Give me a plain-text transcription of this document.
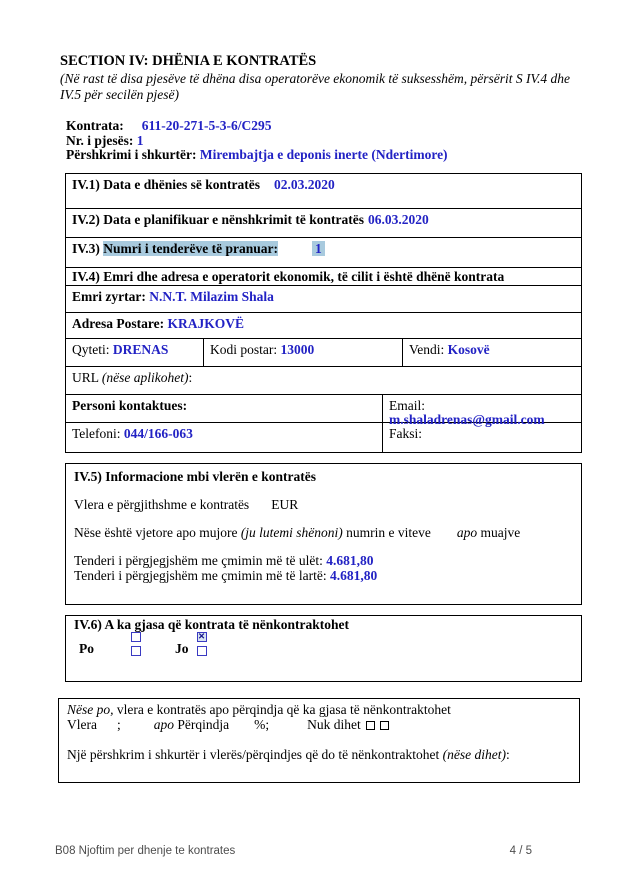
SECTION IV: DHËNIA E KONTRATËS
(Në rast të disa pjesëve të dhëna disa operatorëve ekonomik të suksesshëm, përsërit S IV.4 dhe IV.5 për secilën pjesë)
Kontrata: 611-20-271-5-3-6/C295
Nr. i pjesës: 1
Përshkrimi i shkurtër: Mirembajtja e deponis inerte (Ndertimore)
IV.1) Data e dhënies së kontratës 02.03.2020
IV.2) Data e planifikuar e nënshkrimit të kontratës 06.03.2020
IV.3) Numri i tenderëve të pranuar:	1
IV.4) Emri dhe adresa e operatorit ekonomik, të cilit i është dhënë kontrata
Emri zyrtar: N.N.T. Milazim Shala
Adresa Postare: KRAJKOVË
Qyteti: DRENAS	Kodi postar: 13000	Vendi: Kosovë
URL (nëse aplikohet):
Personi kontaktues:	Email: m.shaladrenas@gmail.com
Telefoni: 044/166-063	Faksi:
IV.5) Informacione mbi vlerën e kontratës
Vlera e përgjithshme e kontratës EUR
Nëse është vjetore apo mujore (ju lutemi shënoni) numrin e viteve apo muajve
Tenderi i përgjegjshëm me çmimin më të ulët: 4.681,80
Tenderi i përgjegjshëm me çmimin më të lartë: 4.681,80
IV.6) A ka gjasa që kontrata të nënkontraktohet
Po	Jo
✕
Nëse po, vlera e kontratës apo përqindja që ka gjasa të nënkontraktohet
Vlera ; apo Përqindja %;	Nuk dihet
Një përshkrim i shkurtër i vlerës/përqindjes që do të nënkontraktohet (nëse dihet):
B08 Njoftim per dhenje te kontrates	4 / 5
